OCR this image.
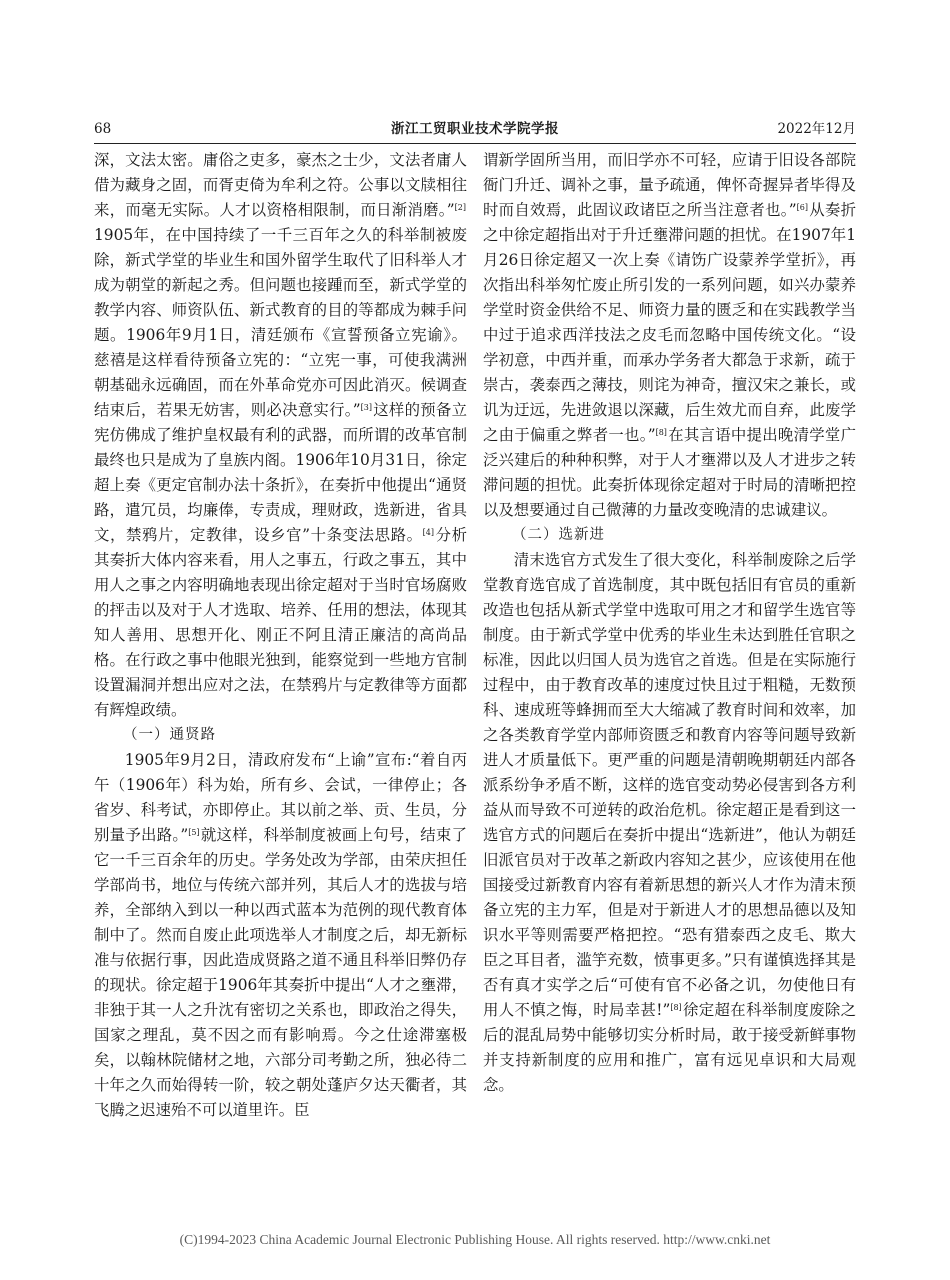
68	浙江工贸职业技术学院学报	2022年12月

深，文法太密。庸俗之吏多，豪杰之士少，文法者庸人借为藏身之固，而胥吏倚为牟利之符。公事以文牍相往来，而毫无实际。人才以资格相限制，而日渐消磨。”[2]1905年，在中国持续了一千三百年之久的科举制被废除，新式学堂的毕业生和国外留学生取代了旧科举人才成为朝堂的新起之秀。但问题也接踵而至，新式学堂的教学内容、师资队伍、新式教育的目的等都成为棘手问题。1906年9月1日，清廷颁布《宣誓预备立宪谕》。慈禧是这样看待预备立宪的：“立宪一事，可使我满洲朝基础永远确固，而在外革命党亦可因此消灭。候调查结束后，若果无妨害，则必决意实行。”[3]这样的预备立宪仿佛成了维护皇权最有利的武器，而所谓的改革官制最终也只是成为了皇族内阁。1906年10月31日，徐定超上奏《更定官制办法十条折》，在奏折中他提出“通贤路，遣冗员，均廉俸，专责成，理财政，选新进，省具文，禁鸦片，定教律，设乡官”十条变法思路。[4]分析其奏折大体内容来看，用人之事五，行政之事五，其中用人之事之内容明确地表现出徐定超对于当时官场腐败的抨击以及对于人才选取、培养、任用的想法，体现其知人善用、思想开化、刚正不阿且清正廉洁的高尚品格。在行政之事中他眼光独到，能察觉到一些地方官制设置漏洞并想出应对之法，在禁鸦片与定教律等方面都有辉煌政绩。

（一）通贤路

1905年9月2日，清政府发布“上谕”宣布:“着自丙午（1906年）科为始，所有乡、会试，一律停止；各省岁、科考试，亦即停止。其以前之举、贡、生员，分别量予出路。”[5]就这样，科举制度被画上句号，结束了它一千三百余年的历史。学务处改为学部，由荣庆担任学部尚书，地位与传统六部并列，其后人才的选拔与培养，全部纳入到以一种以西式蓝本为范例的现代教育体制中了。然而自废止此项选举人才制度之后，却无新标准与依据行事，因此造成贤路之道不通且科举旧弊仍存的现状。徐定超于1906年其奏折中提出“人才之壅滞，非独于其一人之升沈有密切之关系也，即政治之得失，国家之理乱，莫不因之而有影响焉。今之仕途滞塞极矣，以翰林院储材之地，六部分司考勤之所，独必待二十年之久而始得转一阶，较之朝处蓬庐夕达天衢者，其飞腾之迟速殆不可以道里许。臣

谓新学固所当用，而旧学亦不可轻，应请于旧设各部院衙门升迁、调补之事，量予疏通，俾怀奇握异者毕得及时而自效焉，此固议政诸臣之所当注意者也。”[6]从奏折之中徐定超指出对于升迁壅滞问题的担忧。在1907年1月26日徐定超又一次上奏《请饬广设蒙养学堂折》，再次指出科举匆忙废止所引发的一系列问题，如兴办蒙养学堂时资金供给不足、师资力量的匮乏和在实践教学当中过于追求西洋技法之皮毛而忽略中国传统文化。“设学初意，中西并重，而承办学务者大都急于求新，疏于崇古，袭泰西之薄技，则诧为神奇，擅汉宋之兼长，或讥为迂远，先进敛退以深藏，后生效尤而自弃，此废学之由于偏重之弊者一也。”[8]在其言语中提出晚清学堂广泛兴建后的种种积弊，对于人才壅滞以及人才进步之转滞问题的担忧。此奏折体现徐定超对于时局的清晰把控以及想要通过自己微薄的力量改变晚清的忠诚建议。

（二）选新进

清末选官方式发生了很大变化，科举制废除之后学堂教育选官成了首选制度，其中既包括旧有官员的重新改造也包括从新式学堂中选取可用之才和留学生选官等制度。由于新式学堂中优秀的毕业生未达到胜任官职之标准，因此以归国人员为选官之首选。但是在实际施行过程中，由于教育改革的速度过快且过于粗糙，无数预科、速成班等蜂拥而至大大缩减了教育时间和效率，加之各类教育学堂内部师资匮乏和教育内容等问题导致新进人才质量低下。更严重的问题是清朝晚期朝廷内部各派系纷争矛盾不断，这样的选官变动势必侵害到各方利益从而导致不可逆转的政治危机。徐定超正是看到这一选官方式的问题后在奏折中提出“选新进”，他认为朝廷旧派官员对于改革之新政内容知之甚少，应该使用在他国接受过新教育内容有着新思想的新兴人才作为清末预备立宪的主力军，但是对于新进人才的思想品德以及知识水平等则需要严格把控。“恐有猎泰西之皮毛、欺大臣之耳目者，滥竽充数，愤事更多。”只有谨慎选择其是否有真才实学之后“可使有官不必备之讥，勿使他日有用人不慎之悔，时局幸甚!”[8]徐定超在科举制度废除之后的混乱局势中能够切实分析时局，敢于接受新鲜事物并支持新制度的应用和推广，富有远见卓识和大局观念。

(C)1994-2023 China Academic Journal Electronic Publishing House. All rights reserved. http://www.cnki.net
